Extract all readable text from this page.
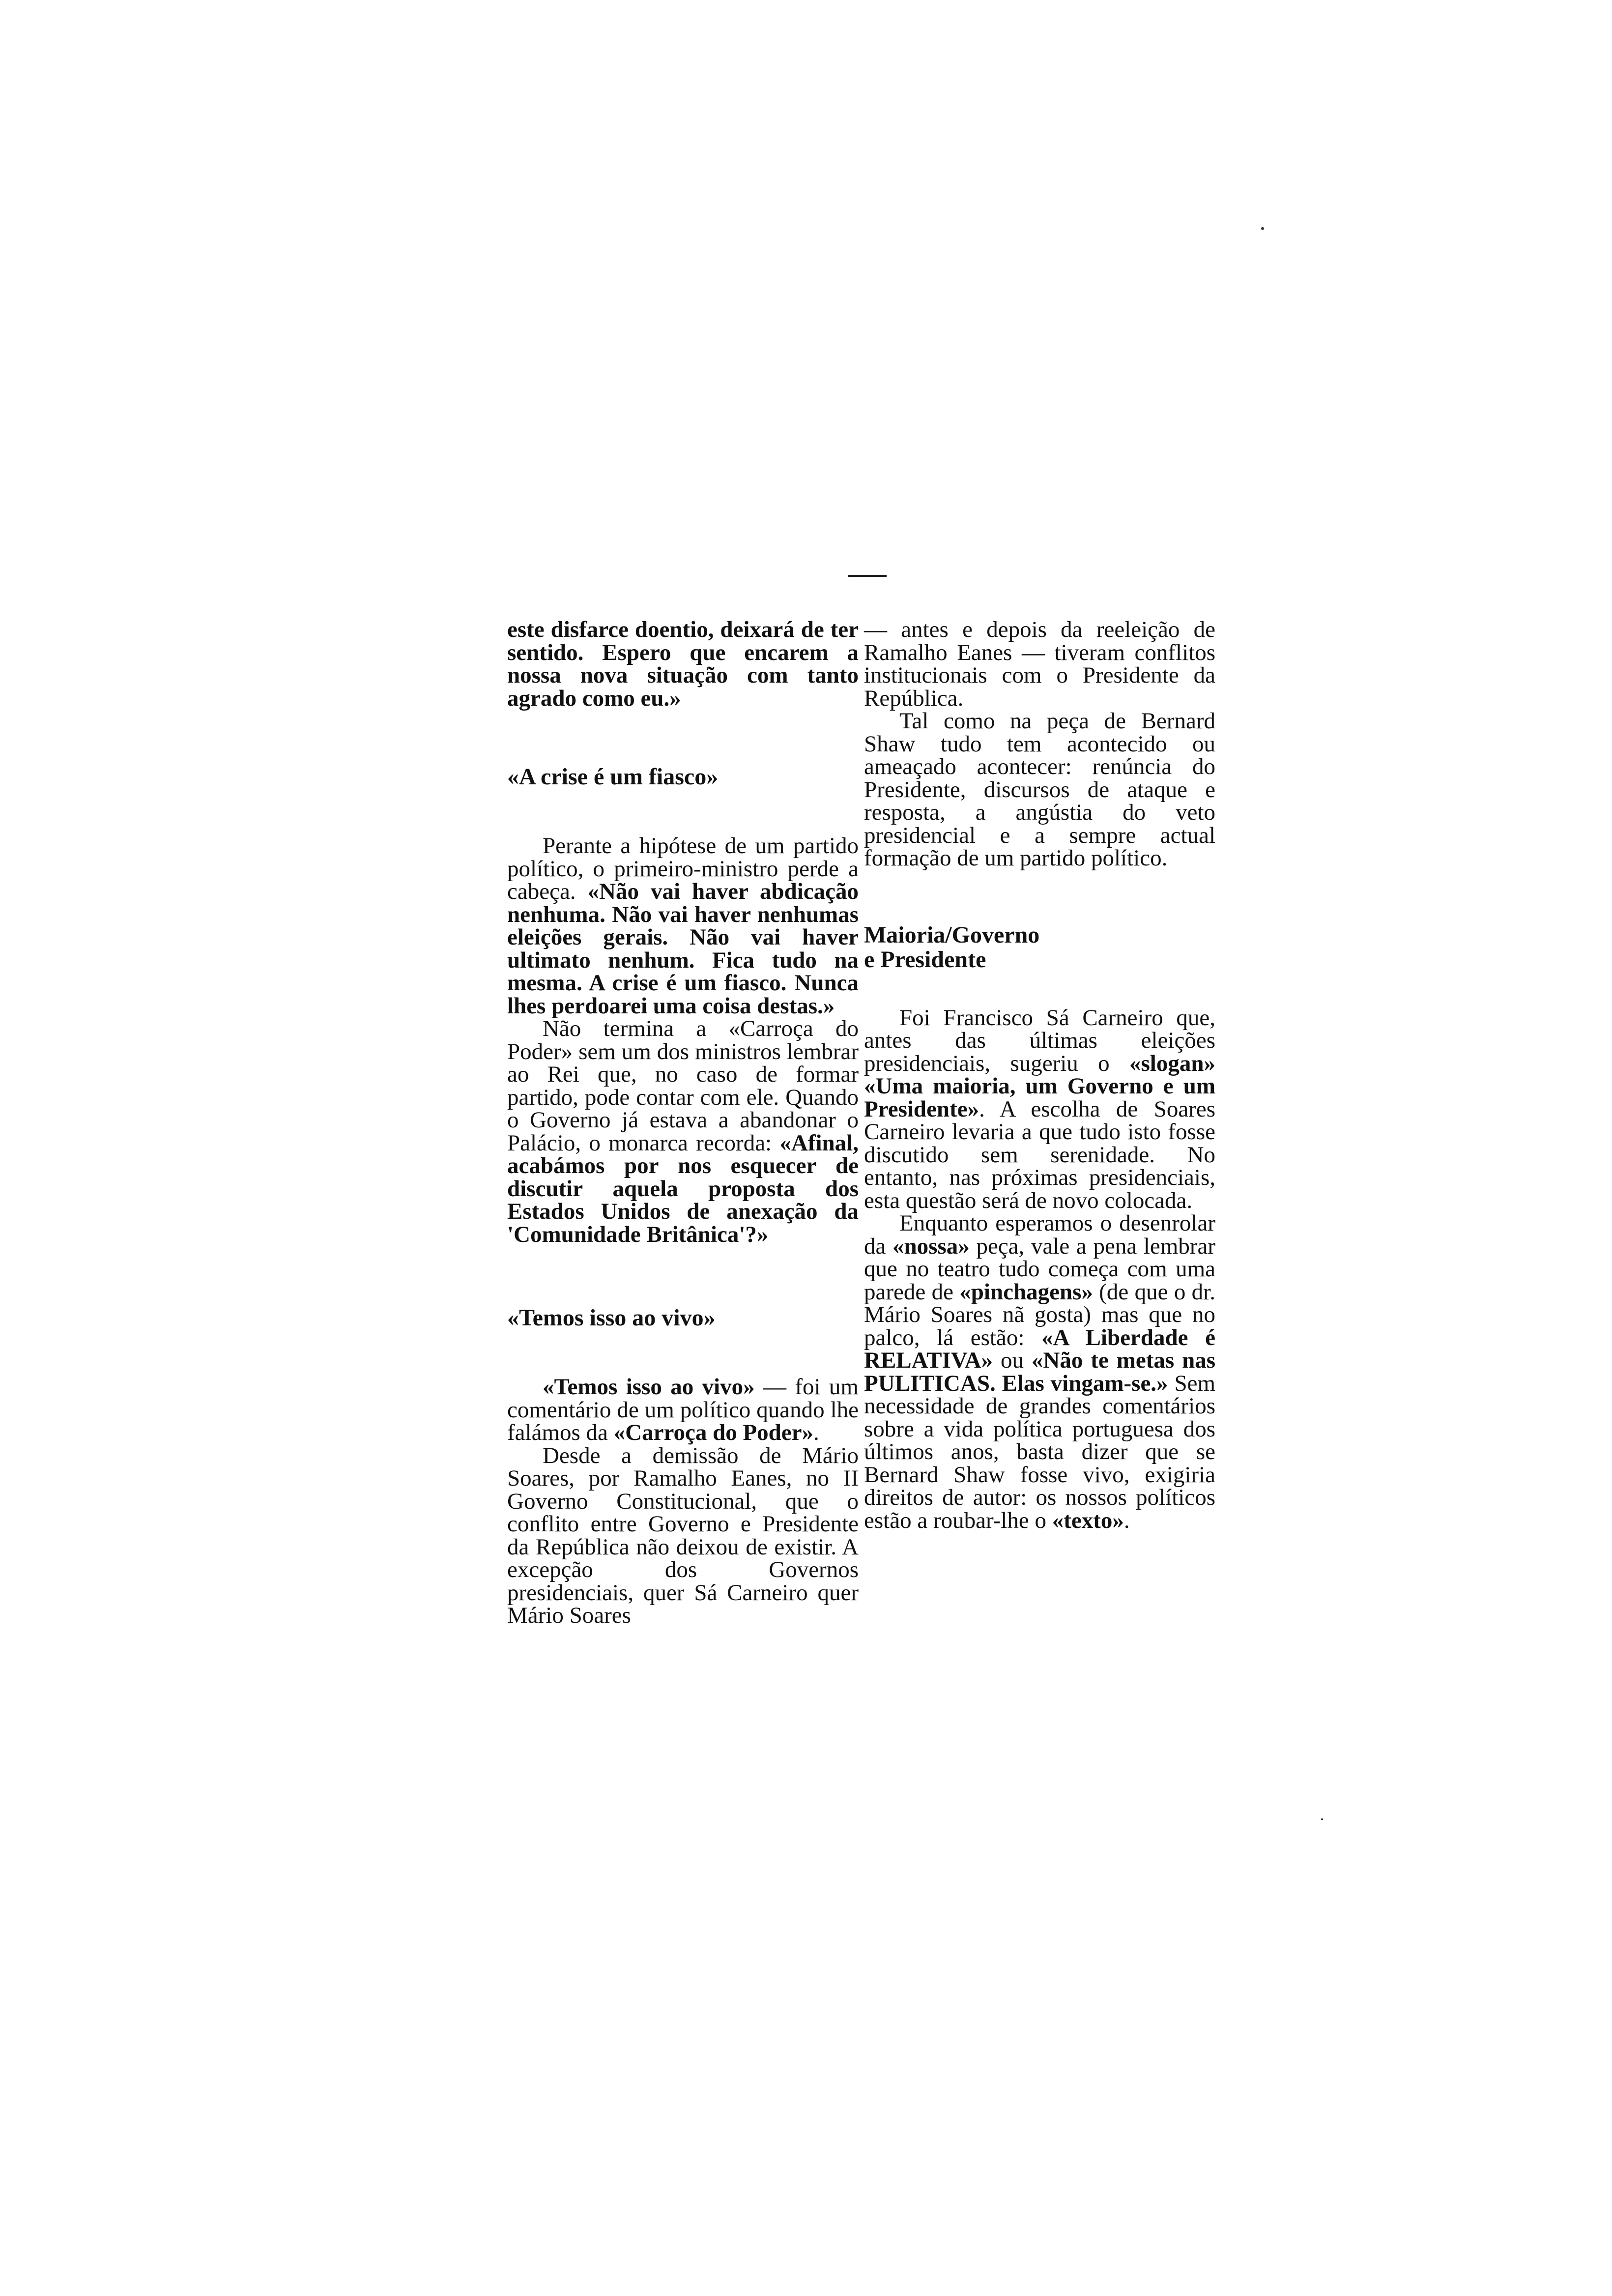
este disfarce doentio, deixará de ter sentido. Espero que encarem a nossa nova situação com tanto agrado como eu.»

«A crise é um fiasco»

Perante a hipótese de um partido político, o primeiro-ministro perde a cabeça. «Não vai haver abdicação nenhuma. Não vai haver nenhumas eleições gerais. Não vai haver ultimato nenhum. Fica tudo na mesma. A crise é um fiasco. Nunca lhes perdoarei uma coisa destas.»

Não termina a «Carroça do Poder» sem um dos ministros lembrar ao Rei que, no caso de formar partido, pode contar com ele. Quando o Governo já estava a abandonar o Palácio, o monarca recorda: «Afinal, acabámos por nos esquecer de discutir aquela proposta dos Estados Unidos de anexação da 'Comunidade Britânica'?»

«Temos isso ao vivo»

«Temos isso ao vivo» — foi um comentário de um político quando lhe falámos da «Carroça do Poder».

Desde a demissão de Mário Soares, por Ramalho Eanes, no II Governo Constitucional, que o conflito entre Governo e Presidente da República não deixou de existir. A excepção dos Governos presidenciais, quer Sá Carneiro quer Mário Soares

— antes e depois da reeleição de Ramalho Eanes — tiveram conflitos institucionais com o Presidente da República.

Tal como na peça de Bernard Shaw tudo tem acontecido ou ameaçado acontecer: renúncia do Presidente, discursos de ataque e resposta, a angústia do veto presidencial e a sempre actual formação de um partido político.

Maioria/Governo
e Presidente

Foi Francisco Sá Carneiro que, antes das últimas eleições presidenciais, sugeriu o «slogan» «Uma maioria, um Governo e um Presidente». A escolha de Soares Carneiro levaria a que tudo isto fosse discutido sem serenidade. No entanto, nas próximas presidenciais, esta questão será de novo colocada.

Enquanto esperamos o desenrolar da «nossa» peça, vale a pena lembrar que no teatro tudo começa com uma parede de «pinchagens» (de que o dr. Mário Soares nã gosta) mas que no palco, lá estão: «A Liberdade é RELATIVA» ou «Não te metas nas PULITICAS. Elas vingam-se.» Sem necessidade de grandes comentários sobre a vida política portuguesa dos últimos anos, basta dizer que se Bernard Shaw fosse vivo, exigiria direitos de autor: os nossos políticos estão a roubar-lhe o «texto».
